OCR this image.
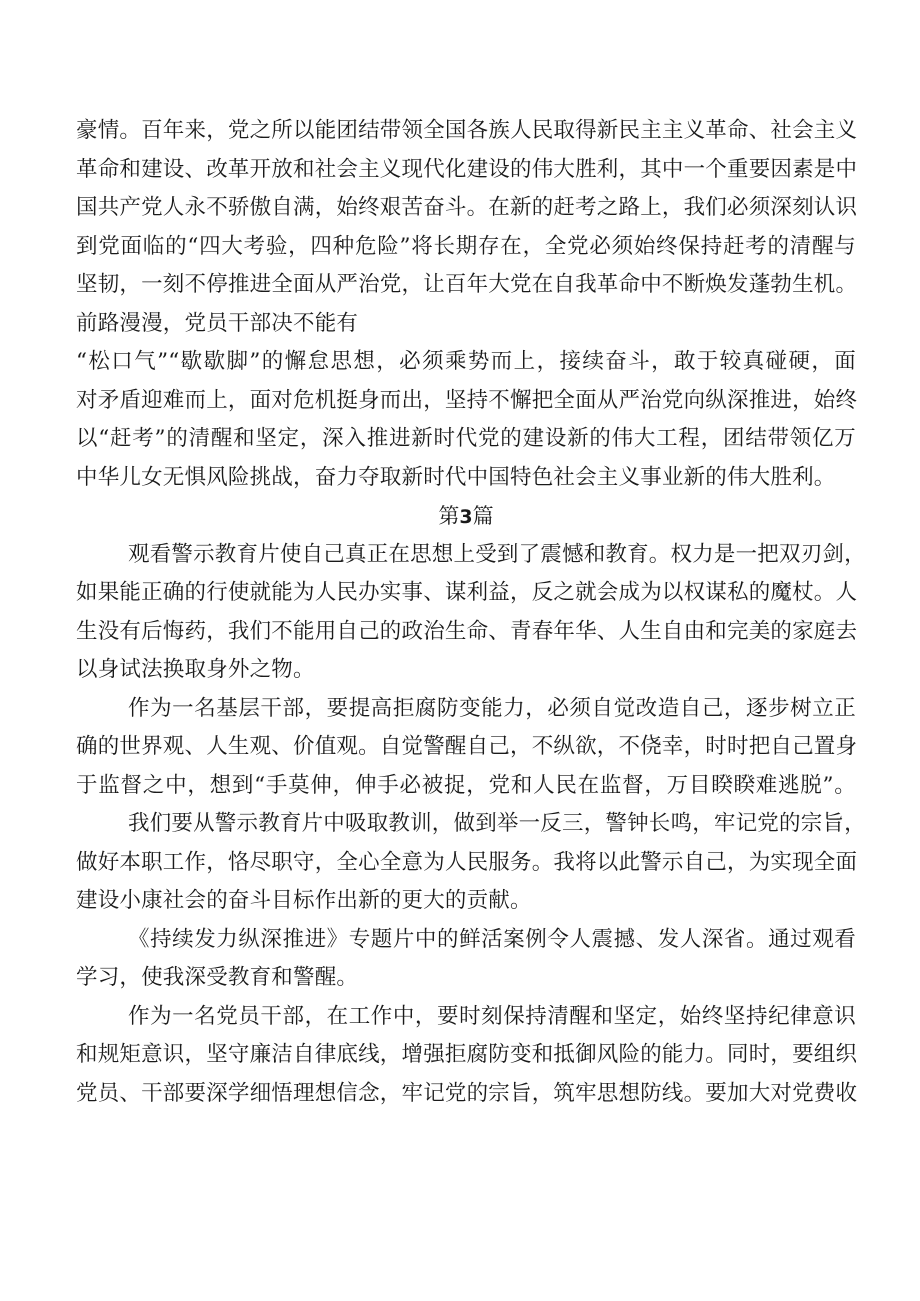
豪情。百年来，党之所以能团结带领全国各族人民取得新民主主义革命、社会主义
革命和建设、改革开放和社会主义现代化建设的伟大胜利，其中一个重要因素是中
国共产党人永不骄傲自满，始终艰苦奋斗。在新的赶考之路上，我们必须深刻认识
到党面临的“四大考验，四种危险”将长期存在，全党必须始终保持赶考的清醒与
坚韧，一刻不停推进全面从严治党，让百年大党在自我革命中不断焕发蓬勃生机。
前路漫漫，党员干部决不能有
“松口气”“歇歇脚”的懈怠思想，必须乘势而上，接续奋斗，敢于较真碰硬，面
对矛盾迎难而上，面对危机挺身而出，坚持不懈把全面从严治党向纵深推进，始终
以“赶考”的清醒和坚定，深入推进新时代党的建设新的伟大工程，团结带领亿万
中华儿女无惧风险挑战，奋力夺取新时代中国特色社会主义事业新的伟大胜利。
第3篇
观看警示教育片使自己真正在思想上受到了震憾和教育。权力是一把双刃剑，
如果能正确的行使就能为人民办实事、谋利益，反之就会成为以权谋私的魔杖。人
生没有后悔药，我们不能用自己的政治生命、青春年华、人生自由和完美的家庭去
以身试法换取身外之物。
作为一名基层干部，要提高拒腐防变能力，必须自觉改造自己，逐步树立正
确的世界观、人生观、价值观。自觉警醒自己，不纵欲，不侥幸，时时把自己置身
于监督之中，想到“手莫伸，伸手必被捉，党和人民在监督，万目睽睽难逃脱”。
我们要从警示教育片中吸取教训，做到举一反三，警钟长鸣，牢记党的宗旨，
做好本职工作，恪尽职守，全心全意为人民服务。我将以此警示自己，为实现全面
建设小康社会的奋斗目标作出新的更大的贡献。
《持续发力纵深推进》专题片中的鲜活案例令人震撼、发人深省。通过观看
学习，使我深受教育和警醒。
作为一名党员干部，在工作中，要时刻保持清醒和坚定，始终坚持纪律意识
和规矩意识，坚守廉洁自律底线，增强拒腐防变和抵御风险的能力。同时，要组织
党员、干部要深学细悟理想信念，牢记党的宗旨，筑牢思想防线。要加大对党费收
